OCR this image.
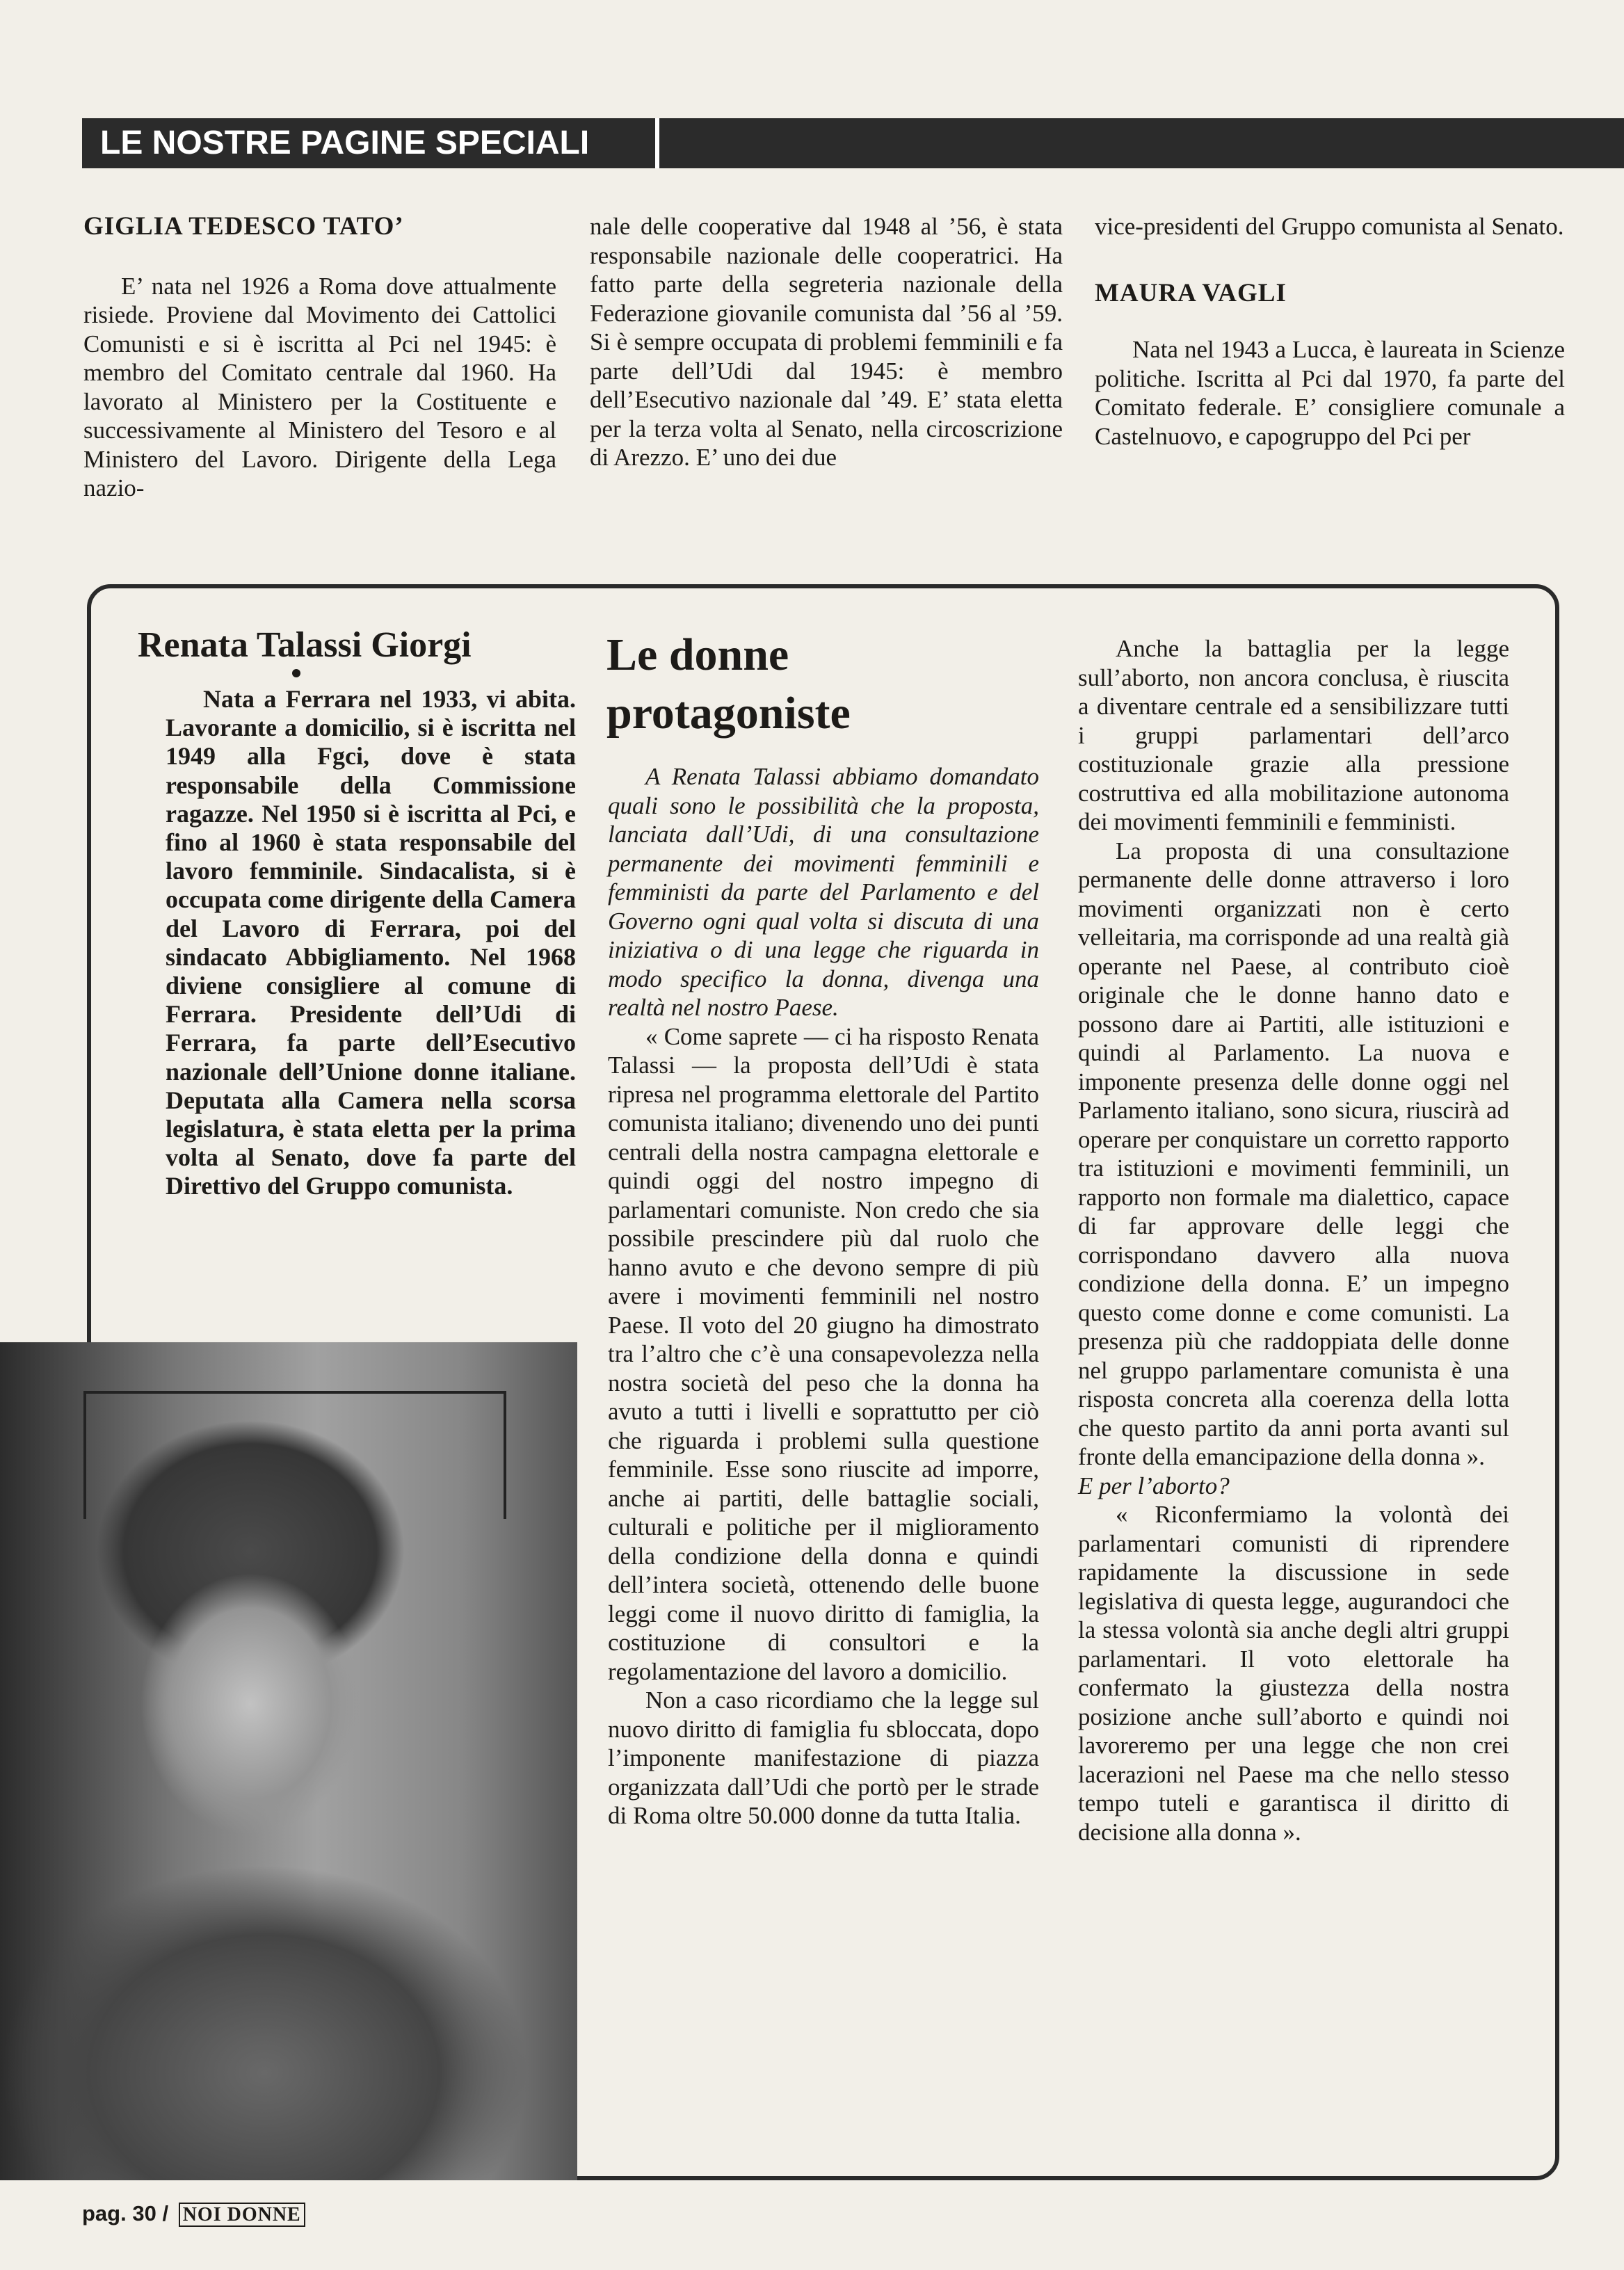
LE NOSTRE PAGINE SPECIALI

GIGLIA TEDESCO TATO’

E’ nata nel 1926 a Roma dove attualmente risiede. Proviene dal Movimento dei Cattolici Comunisti e si è iscritta al Pci nel 1945: è membro del Comitato centrale dal 1960. Ha lavorato al Ministero per la Costituente e successivamente al Ministero del Tesoro e al Ministero del Lavoro. Dirigente della Lega nazio-

nale delle cooperative dal 1948 al ’56, è stata responsabile nazionale delle cooperatrici. Ha fatto parte della segreteria nazionale della Federazione giovanile comunista dal ’56 al ’59. Si è sempre occupata di problemi femminili e fa parte dell’Udi dal 1945: è membro dell’Esecutivo nazionale dal ’49. E’ stata eletta per la terza volta al Senato, nella circoscrizione di Arezzo. E’ uno dei due

vice-presidenti del Gruppo comunista al Senato.

MAURA VAGLI

Nata nel 1943 a Lucca, è laureata in Scienze politiche. Iscritta al Pci dal 1970, fa parte del Comitato federale. E’ consigliere comunale a Castelnuovo, e capogruppo del Pci per

Renata Talassi Giorgi

Nata a Ferrara nel 1933, vi abita. Lavorante a domicilio, si è iscritta nel 1949 alla Fgci, dove è stata responsabile della Commissione ragazze. Nel 1950 si è iscritta al Pci, e fino al 1960 è stata responsabile del lavoro femminile. Sindacalista, si è occupata come dirigente della Camera del Lavoro di Ferrara, poi del sindacato Abbigliamento. Nel 1968 diviene consigliere al comune di Ferrara. Presidente dell’Udi di Ferrara, fa parte dell’Esecutivo nazionale dell’Unione donne italiane. Deputata alla Camera nella scorsa legislatura, è stata eletta per la prima volta al Senato, dove fa parte del Direttivo del Gruppo comunista.

Le donne protagoniste

A Renata Talassi abbiamo domandato quali sono le possibilità che la proposta, lanciata dall’Udi, di una consultazione permanente dei movimenti femminili e femministi da parte del Parlamento e del Governo ogni qual volta si discuta di una iniziativa o di una legge che riguarda in modo specifico la donna, divenga una realtà nel nostro Paese.

« Come saprete — ci ha risposto Renata Talassi — la proposta dell’Udi è stata ripresa nel programma elettorale del Partito comunista italiano; divenendo uno dei punti centrali della nostra campagna elettorale e quindi oggi del nostro impegno di parlamentari comuniste. Non credo che sia possibile prescindere più dal ruolo che hanno avuto e che devono sempre di più avere i movimenti femminili nel nostro Paese. Il voto del 20 giugno ha dimostrato tra l’altro che c’è una consapevolezza nella nostra società del peso che la donna ha avuto a tutti i livelli e soprattutto per ciò che riguarda i problemi sulla questione femminile. Esse sono riuscite ad imporre, anche ai partiti, delle battaglie sociali, culturali e politiche per il miglioramento della condizione della donna e quindi dell’intera società, ottenendo delle buone leggi come il nuovo diritto di famiglia, la costituzione di consultori e la regolamentazione del lavoro a domicilio.

Non a caso ricordiamo che la legge sul nuovo diritto di famiglia fu sbloccata, dopo l’imponente manifestazione di piazza organizzata dall’Udi che portò per le strade di Roma oltre 50.000 donne da tutta Italia.

Anche la battaglia per la legge sull’aborto, non ancora conclusa, è riuscita a diventare centrale ed a sensibilizzare tutti i gruppi parlamentari dell’arco costituzionale grazie alla pressione costruttiva ed alla mobilitazione autonoma dei movimenti femminili e femministi.

La proposta di una consultazione permanente delle donne attraverso i loro movimenti organizzati non è certo velleitaria, ma corrisponde ad una realtà già operante nel Paese, al contributo cioè originale che le donne hanno dato e possono dare ai Partiti, alle istituzioni e quindi al Parlamento. La nuova e imponente presenza delle donne oggi nel Parlamento italiano, sono sicura, riuscirà ad operare per conquistare un corretto rapporto tra istituzioni e movimenti femminili, un rapporto non formale ma dialettico, capace di far approvare delle leggi che corrispondano davvero alla nuova condizione della donna. E’ un impegno questo come donne e come comunisti. La presenza più che raddoppiata delle donne nel gruppo parlamentare comunista è una risposta concreta alla coerenza della lotta che questo partito da anni porta avanti sul fronte della emancipazione della donna ».

E per l’aborto?

« Riconfermiamo la volontà dei parlamentari comunisti di riprendere rapidamente la discussione in sede legislativa di questa legge, augurandoci che la stessa volontà sia anche degli altri gruppi parlamentari. Il voto elettorale ha confermato la giustezza della nostra posizione anche sull’aborto e quindi noi lavoreremo per una legge che non crei lacerazioni nel Paese ma che nello stesso tempo tuteli e garantisca il diritto di decisione alla donna ».

pag. 30 / NOI DONNE
